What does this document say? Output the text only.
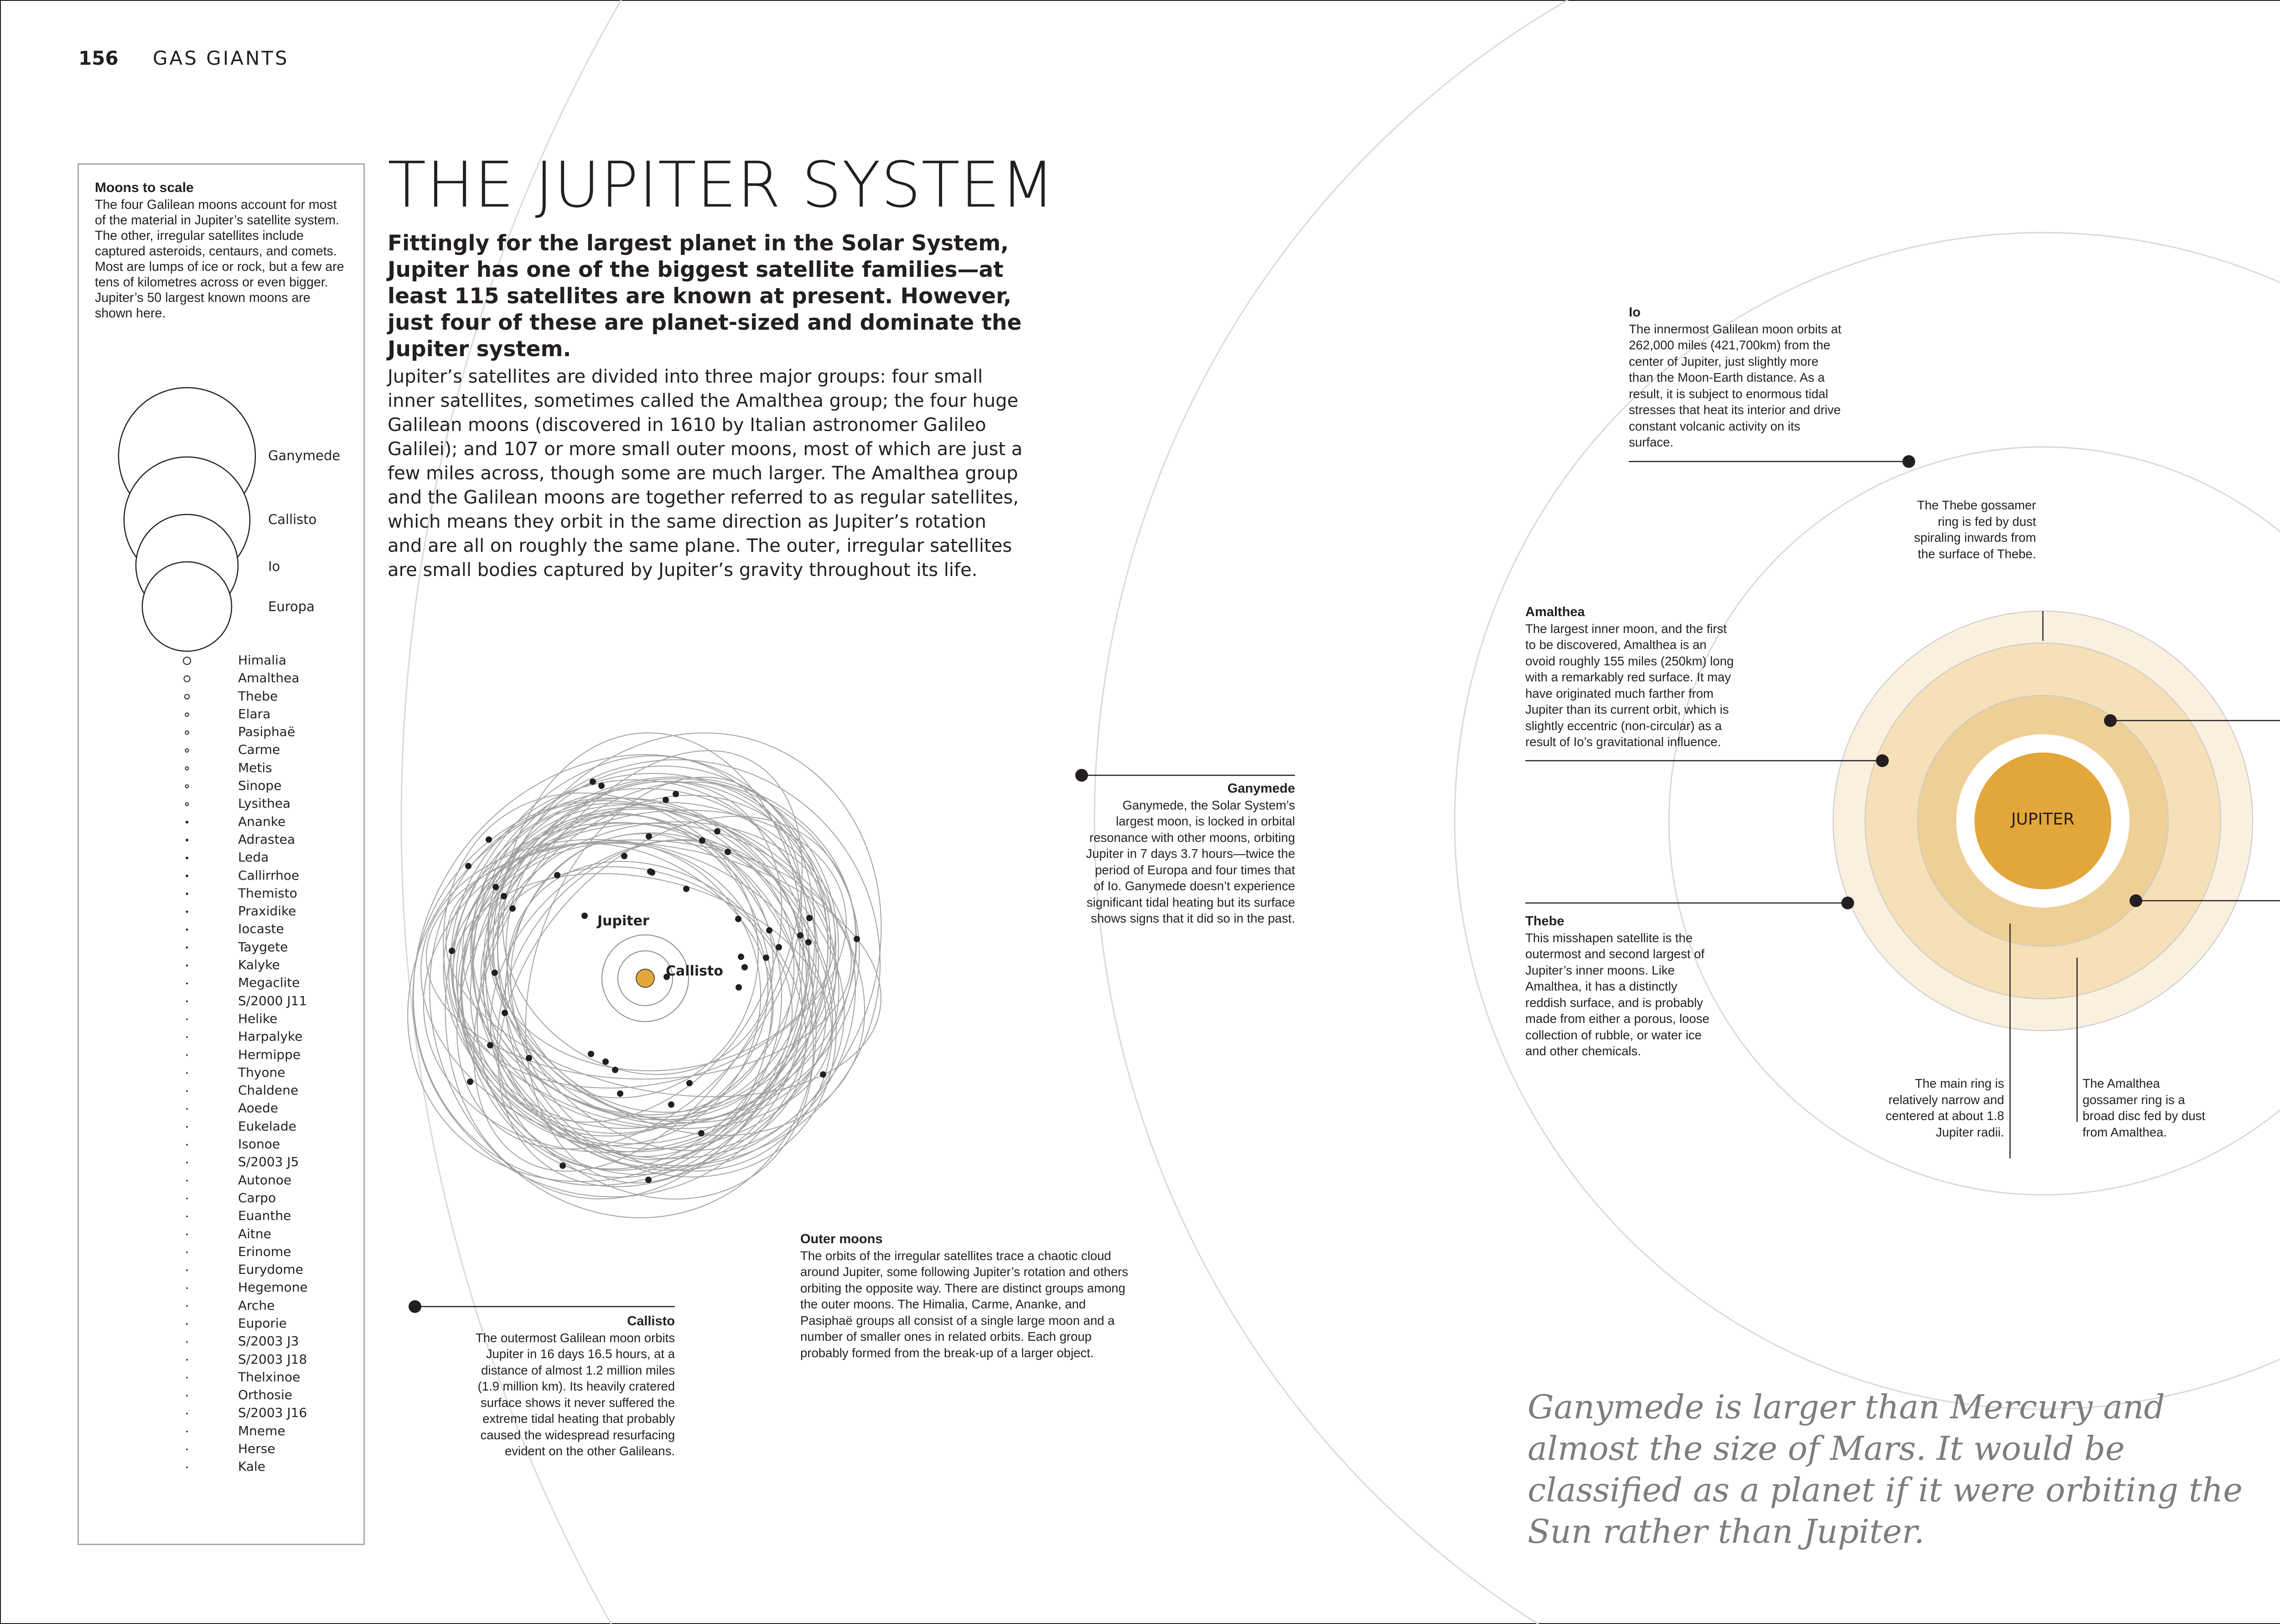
156 GAS GIANTS
THE JUPITER SYSTEM

Fittingly for the largest planet in the Solar System, Jupiter has one of the biggest satellite families—at least 115 satellites are known at present. However, just four of these are planet-sized and dominate the Jupiter system.

Jupiter’s satellites are divided into three major groups: four small inner satellites, sometimes called the Amalthea group; the four huge Galilean moons (discovered in 1610 by Italian astronomer Galileo Galilei); and 107 or more small outer moons, most of which are just a few miles across, though some are much larger. The Amalthea group and the Galilean moons are together referred to as regular satellites, which means they orbit in the same direction as Jupiter’s rotation and are all on roughly the same plane. The outer, irregular satellites are small bodies captured by Jupiter’s gravity throughout its life.

Moons to scale
The four Galilean moons account for most of the material in Jupiter’s satellite system. The other, irregular satellites include captured asteroids, centaurs, and comets. Most are lumps of ice or rock, but a few are tens of kilometres across or even bigger. Jupiter’s 50 largest known moons are shown here.
Ganymede
Callisto
Io
Europa
Himalia
Amalthea
Thebe
Elara
Pasiphaë
Carme
Metis
Sinope
Lysithea
Ananke
Adrastea
Leda
Callirrhoe
Themisto
Praxidike
Iocaste
Taygete
Kalyke
Megaclite
S/2000 J11
Helike
Harpalyke
Hermippe
Thyone
Chaldene
Aoede
Eukelade
Isonoe
S/2003 J5
Autonoe
Carpo
Euanthe
Aitne
Erinome
Eurydome
Hegemone
Arche
Euporie
S/2003 J3
S/2003 J18
Thelxinoe
Orthosie
S/2003 J16
Mneme
Herse
Kale
Jupiter
Callisto
Outer moons
The orbits of the irregular satellites trace a chaotic cloud around Jupiter, some following Jupiter’s rotation and others orbiting the opposite way. There are distinct groups among the outer moons. The Himalia, Carme, Ananke, and Pasiphaë groups all consist of a single large moon and a number of smaller ones in related orbits. Each group probably formed from the break-up of a larger object.
Callisto
The outermost Galilean moon orbits Jupiter in 16 days 16.5 hours, at a distance of almost 1.2 million miles (1.9 million km). Its heavily cratered surface shows it never suffered the extreme tidal heating that probably caused the widespread resurfacing evident on the other Galileans.
Ganymede
Ganymede, the Solar System’s largest moon, is locked in orbital resonance with other moons, orbiting Jupiter in 7 days 3.7 hours—twice the period of Europa and four times that of Io. Ganymede doesn’t experience significant tidal heating but its surface shows signs that it did so in the past.
Io
The innermost Galilean moon orbits at 262,000 miles (421,700km) from the center of Jupiter, just slightly more than the Moon-Earth distance. As a result, it is subject to enormous tidal stresses that heat its interior and drive constant volcanic activity on its surface.
The Thebe gossamer ring is fed by dust spiraling inwards from the surface of Thebe.
Amalthea
The largest inner moon, and the first to be discovered, Amalthea is an ovoid roughly 155 miles (250km) long with a remarkably red surface. It may have originated much farther from Jupiter than its current orbit, which is slightly eccentric (non-circular) as a result of Io’s gravitational influence.
Thebe
This misshapen satellite is the outermost and second largest of Jupiter’s inner moons. Like Amalthea, it has a distinctly reddish surface, and is probably made from either a porous, loose collection of rubble, or water ice and other chemicals.
The main ring is relatively narrow and centered at about 1.8 Jupiter radii.
The Amalthea gossamer ring is a broad disc fed by dust from Amalthea.
JUPITER

Ganymede is larger than Mercury and almost the size of Mars. It would be classified as a planet if it were orbiting the Sun rather than Jupiter.
